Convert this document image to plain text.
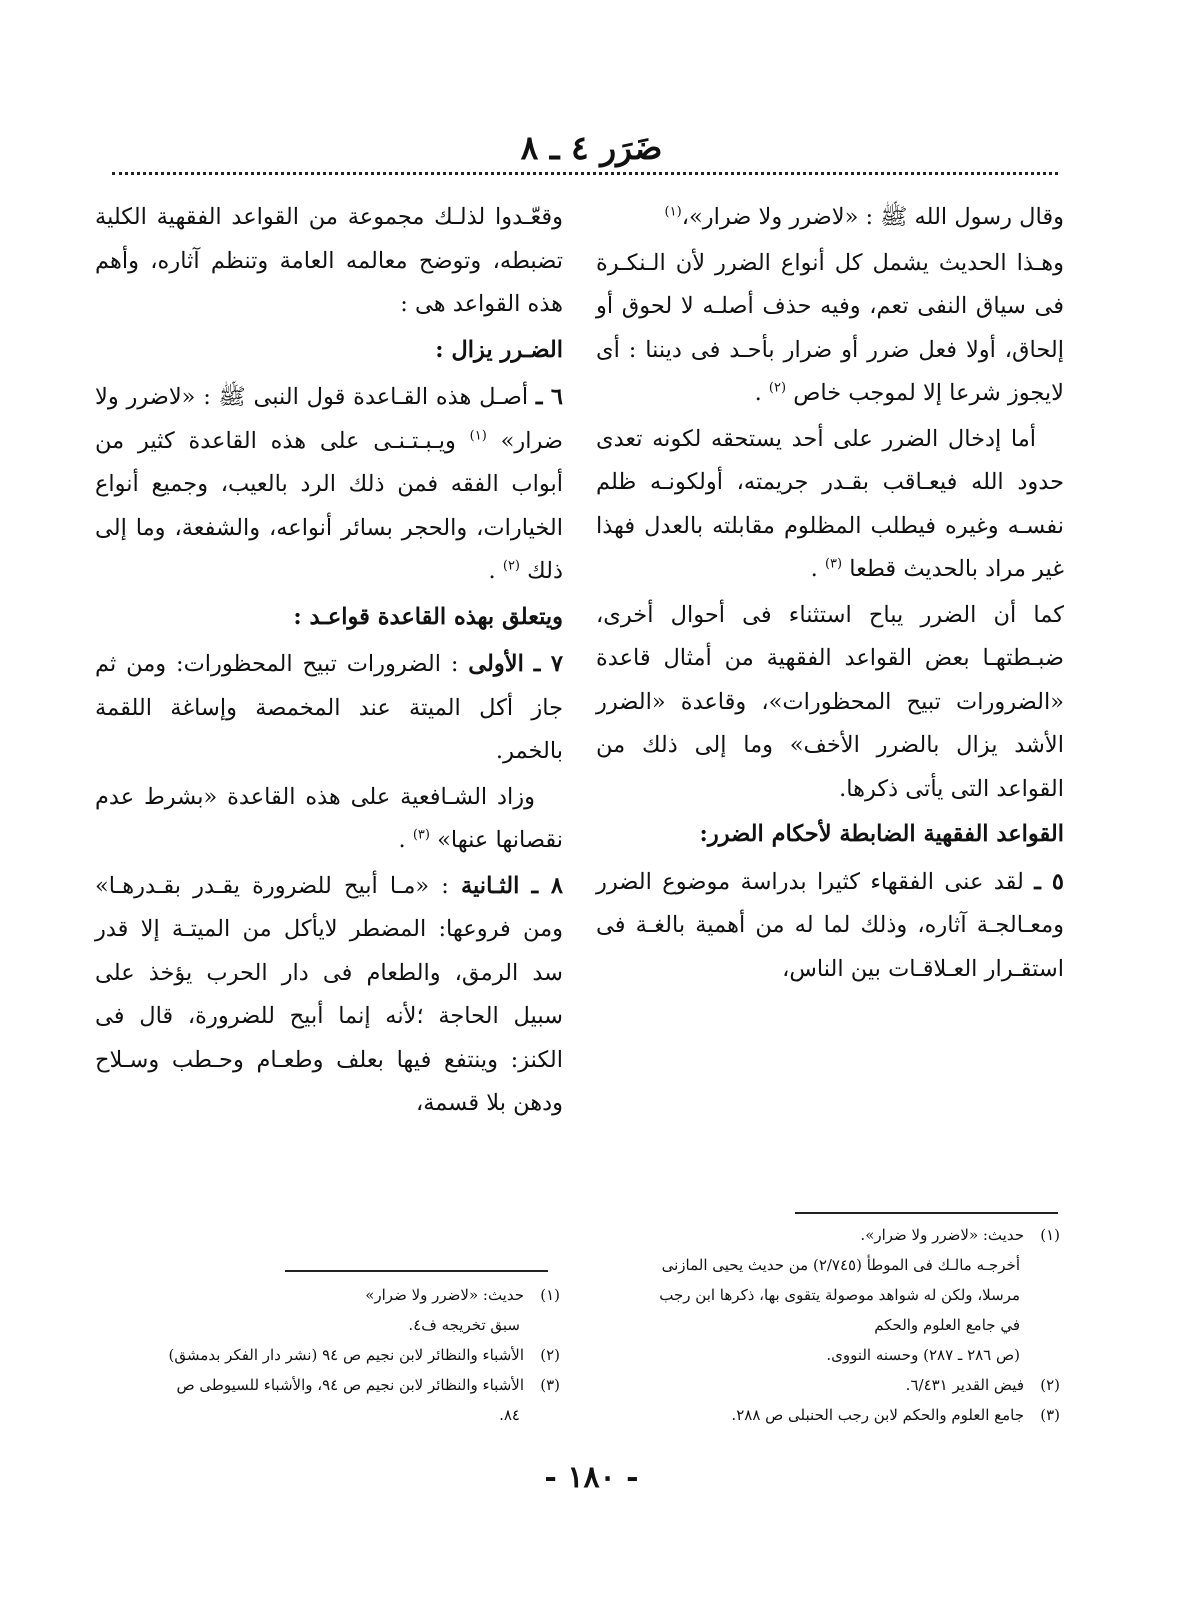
ضَرَر ٤ ـ ٨

وقال رسول الله ﷺ : «لاضرر ولا ضرار»،$^{(١)}$

وهـذا الحديث يشمل كل أنواع الضرر لأن الـنكـرة فى سياق النفى تعم، وفيه حذف أصلـه لا لحوق أو إلحاق، أولا فعل ضرر أو ضرار بأحـد فى ديننا : أى لايجوز شرعا إلا لموجب خاص $^{(٢)}$ .

أما إدخال الضرر على أحد يستحقه لكونه تعدى حدود الله فيعـاقب بقـدر جريمته، أولكونـه ظلم نفسـه وغيره فيطلب المظلوم مقابلته بالعدل فهذا غير مراد بالحديث قطعا $^{(٣)}$ .

كما أن الضرر يباح استثناء فى أحوال أخرى، ضبـطتهـا بعض القواعد الفقهية من أمثال قاعدة «الضرورات تبيح المحظورات»، وقاعدة «الضرر الأشد يزال بالضرر الأخف» وما إلى ذلك من القواعد التى يأتى ذكرها.

القواعد الفقهية الضابطة لأحكام الضرر:

٥ ـ لقد عنى الفقهاء كثيرا بدراسة موضوع الضرر ومعـالجـة آثاره، وذلك لما له من أهمية بالغـة فى استقـرار العـلاقـات بين الناس،

وقعّـدوا لذلـك مجموعة من القواعد الفقهية الكلية تضبطه، وتوضح معالمه العامة وتنظم آثاره، وأهم هذه القواعد هى :

الضـرر يزال :

٦ ـ أصـل هذه القـاعدة قول النبى ﷺ : «لاضرر ولا ضرار» $^{(١)}$ ويـبـتـنـى على هذه القاعدة كثير من أبواب الفقه فمن ذلك الرد بالعيب، وجميع أنواع الخيارات، والحجر بسائر أنواعه، والشفعة، وما إلى ذلك $^{(٢)}$ .

ويتعلق بهذه القاعدة قواعـد :

٧ ـ الأولى : الضرورات تبيح المحظورات: ومن ثم جاز أكل الميتة عند المخمصة وإساغة اللقمة بالخمر.

وزاد الشـافعية على هذه القاعدة «بشرط عدم نقصانها عنها» $^{(٣)}$ .

٨ ـ الثـانية : «مـا أبيح للضرورة يقـدر بقـدرهـا» ومن فروعها: المضطر لايأكل من الميتـة إلا قدر سد الرمق، والطعام فى دار الحرب يؤخذ على سبيل الحاجة ؛لأنه إنما أبيح للضرورة، قال فى الكنز: وينتفع فيها بعلف وطعـام وحـطب وسـلاح ودهن بلا قسمة،

(١)حديث: «لاضرر ولا ضرار».
أخرجـه مالـك فى الموطأ (٢/٧٤٥) من حديث يحيى المازنى
مرسلا، ولكن له شواهد موصولة يتقوى بها، ذكرها ابن رجب
في جامع العلوم والحكم
(ص ٢٨٦ ـ ٢٨٧) وحسنه النووى.
(٢)فيض القدير ٦/٤٣١.
(٣)جامع العلوم والحكم لابن رجب الحنبلى ص ٢٨٨.
(١)حديث: «لاضرر ولا ضرار»
سبق تخريجه ف٤.
(٢)الأشباء والنظائر لابن نجيم ص ٩٤ (نشر دار الفكر بدمشق)
(٣)الأشباء والنظائر لابن نجيم ص ٩٤، والأشباء للسيوطى ص
٨٤.
- ١٨٠ -
